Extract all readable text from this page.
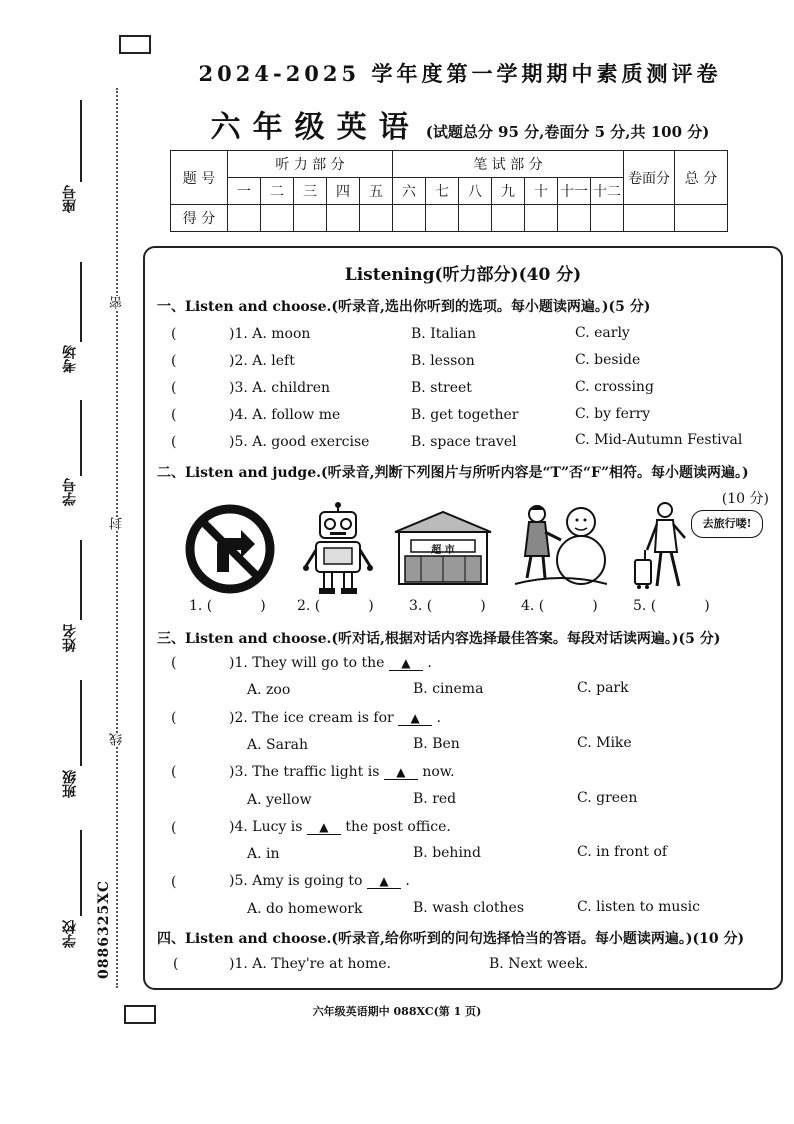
座号
考场
学号
姓名
班级
学校 0886325XC
密
封
线
2024-2025 学年度第一学期期中素质测评卷
六年级英语 (试题总分 95 分,卷面分 5 分,共 100 分)
题 号	听 力 部 分					笔 试 部 分							卷面分	总 分
	一	二	三	四	五	六	七	八	九	十	十一	十二		
得 分														
Listening(听力部分)(40 分)
一、Listen and choose.(听录音,选出你听到的选项。每小题读两遍。)(5 分)
(	)1. A. moon	B. Italian	C. early
(	)2. A. left	B. lesson	C. beside
(	)3. A. children	B. street	C. crossing
(	)4. A. follow me	B. get together	C. by ferry
(	)5. A. good exercise	B. space travel	C. Mid-Autumn Festival
二、Listen and judge.(听录音,判断下列图片与所听内容是“T”否“F”相符。每小题读两遍。)
(10 分)
超 市
去旅行喽!
1. (	) 2. (	)	3. (	)	4. (	)	5. (	)
三、Listen and choose.(听对话,根据对话内容选择最佳答案。每段对话读两遍。)(5 分)
(	)1. They will go to the ▲ .
A. zoo	B. cinema	C. park
(	)2. The ice cream is for ▲ .
A. Sarah	B. Ben	C. Mike
(	)3. The traffic light is ▲ now.
A. yellow	B. red	C. green
(	)4. Lucy is ▲ the post office.
A. in	B. behind	C. in front of
(	)5. Amy is going to ▲ .
A. do homework	B. wash clothes	C. listen to music
四、Listen and choose.(听录音,给你听到的问句选择恰当的答语。每小题读两遍。)(10 分)
(	)1. A. They're at home.	B. Next week.
六年级英语期中 088XC(第 1 页)
